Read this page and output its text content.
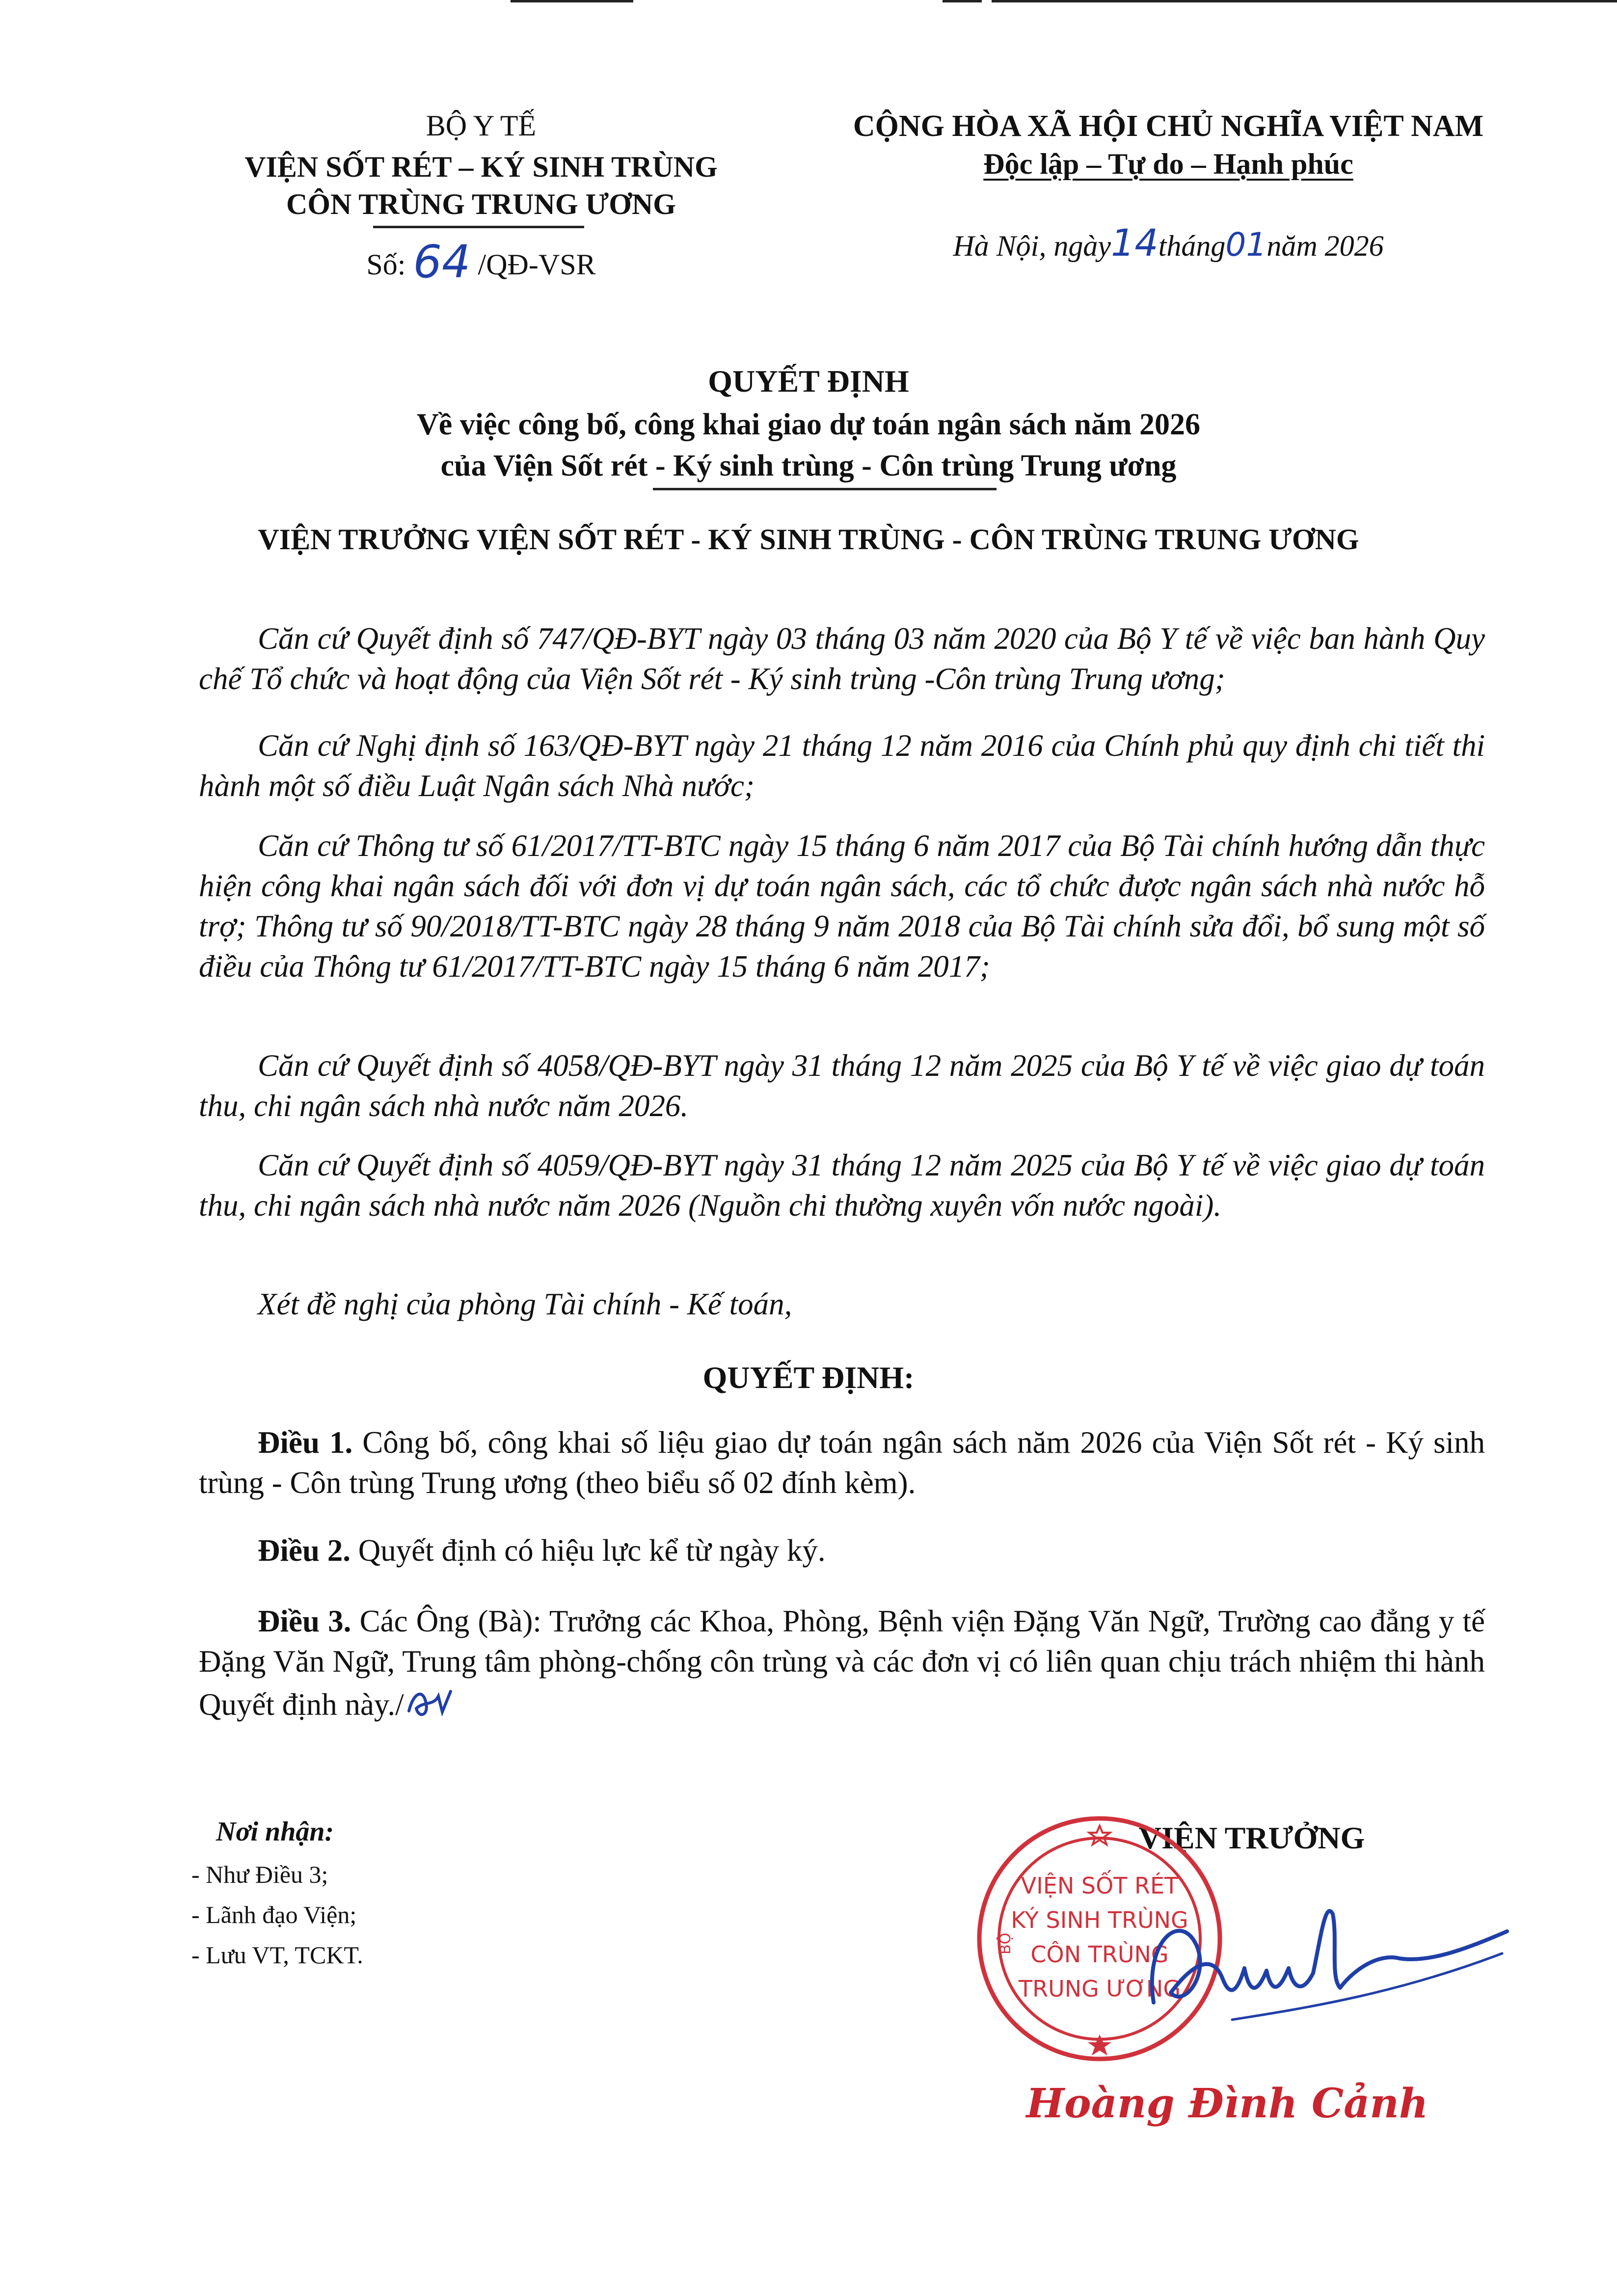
BỘ Y TẾ
VIỆN SỐT RÉT – KÝ SINH TRÙNG
CÔN TRÙNG TRUNG ƯƠNG
Số: 64 /QĐ-VSR
CỘNG HÒA XÃ HỘI CHỦ NGHĨA VIỆT NAM
Độc lập – Tự do – Hạnh phúc
Hà Nội, ngày14tháng01năm 2026
QUYẾT ĐỊNH
Về việc công bố, công khai giao dự toán ngân sách năm 2026
của Viện Sốt rét - Ký sinh trùng - Côn trùng Trung ương
VIỆN TRƯỞNG VIỆN SỐT RÉT - KÝ SINH TRÙNG - CÔN TRÙNG TRUNG ƯƠNG

Căn cứ Quyết định số 747/QĐ-BYT ngày 03 tháng 03 năm 2020 của Bộ Y tế về việc ban hành Quy chế Tổ chức và hoạt động của Viện Sốt rét - Ký sinh trùng -Côn trùng Trung ương;

Căn cứ Nghị định số 163/QĐ-BYT ngày 21 tháng 12 năm 2016 của Chính phủ quy định chi tiết thi hành một số điều Luật Ngân sách Nhà nước;

Căn cứ Thông tư số 61/2017/TT-BTC ngày 15 tháng 6 năm 2017 của Bộ Tài chính hướng dẫn thực hiện công khai ngân sách đối với đơn vị dự toán ngân sách, các tổ chức được ngân sách nhà nước hỗ trợ; Thông tư số 90/2018/TT-BTC ngày 28 tháng 9 năm 2018 của Bộ Tài chính sửa đổi, bổ sung một số điều của Thông tư 61/2017/TT-BTC ngày 15 tháng 6 năm 2017;

Căn cứ Quyết định số 4058/QĐ-BYT ngày 31 tháng 12 năm 2025 của Bộ Y tế về việc giao dự toán thu, chi ngân sách nhà nước năm 2026.

Căn cứ Quyết định số 4059/QĐ-BYT ngày 31 tháng 12 năm 2025 của Bộ Y tế về việc giao dự toán thu, chi ngân sách nhà nước năm 2026 (Nguồn chi thường xuyên vốn nước ngoài).

Xét đề nghị của phòng Tài chính - Kế toán,

QUYẾT ĐỊNH:

Điều 1. Công bố, công khai số liệu giao dự toán ngân sách năm 2026 của Viện Sốt rét - Ký sinh trùng - Côn trùng Trung ương (theo biểu số 02 đính kèm).

Điều 2. Quyết định có hiệu lực kể từ ngày ký.

Điều 3. Các Ông (Bà): Trưởng các Khoa, Phòng, Bệnh viện Đặng Văn Ngữ, Trường cao đẳng y tế Đặng Văn Ngữ, Trung tâm phòng-chống côn trùng và các đơn vị có liên quan chịu trách nhiệm thi hành Quyết định này./

Nơi nhận:
- Như Điều 3;
- Lãnh đạo Viện;
- Lưu VT, TCKT.
VIỆN TRƯỞNG
VIỆN SỐT RÉT
KÝ SINH TRÙNG
CÔN TRÙNG
TRUNG ƯƠNG
BỘ
Hoàng Đình Cảnh
